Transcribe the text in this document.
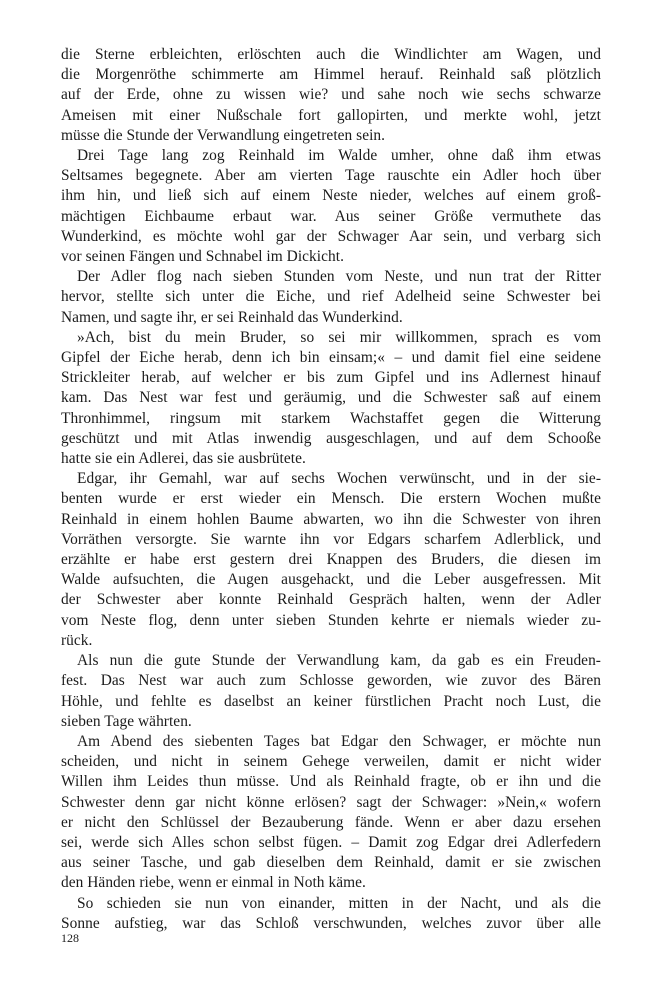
die Sterne erbleichten, erlöschten auch die Windlichter am Wagen, und
die Morgenröthe schimmerte am Himmel herauf. Reinhald saß plötzlich
auf der Erde, ohne zu wissen wie? und sahe noch wie sechs schwarze
Ameisen mit einer Nußschale fort gallopirten, und merkte wohl, jetzt
müsse die Stunde der Verwandlung eingetreten sein.
Drei Tage lang zog Reinhald im Walde umher, ohne daß ihm etwas
Seltsames begegnete. Aber am vierten Tage rauschte ein Adler hoch über
ihm hin, und ließ sich auf einem Neste nieder, welches auf einem groß-
mächtigen Eichbaume erbaut war. Aus seiner Größe vermuthete das
Wunderkind, es möchte wohl gar der Schwager Aar sein, und verbarg sich
vor seinen Fängen und Schnabel im Dickicht.
Der Adler flog nach sieben Stunden vom Neste, und nun trat der Ritter
hervor, stellte sich unter die Eiche, und rief Adelheid seine Schwester bei
Namen, und sagte ihr, er sei Reinhald das Wunderkind.
»Ach, bist du mein Bruder, so sei mir willkommen, sprach es vom
Gipfel der Eiche herab, denn ich bin einsam;« – und damit fiel eine seidene
Strickleiter herab, auf welcher er bis zum Gipfel und ins Adlernest hinauf
kam. Das Nest war fest und geräumig, und die Schwester saß auf einem
Thronhimmel, ringsum mit starkem Wachstaffet gegen die Witterung
geschützt und mit Atlas inwendig ausgeschlagen, und auf dem Schooße
hatte sie ein Adlerei, das sie ausbrütete.
Edgar, ihr Gemahl, war auf sechs Wochen verwünscht, und in der sie-
benten wurde er erst wieder ein Mensch. Die erstern Wochen mußte
Reinhald in einem hohlen Baume abwarten, wo ihn die Schwester von ihren
Vorräthen versorgte. Sie warnte ihn vor Edgars scharfem Adlerblick, und
erzählte er habe erst gestern drei Knappen des Bruders, die diesen im
Walde aufsuchten, die Augen ausgehackt, und die Leber ausgefressen. Mit
der Schwester aber konnte Reinhald Gespräch halten, wenn der Adler
vom Neste flog, denn unter sieben Stunden kehrte er niemals wieder zu-
rück.
Als nun die gute Stunde der Verwandlung kam, da gab es ein Freuden-
fest. Das Nest war auch zum Schlosse geworden, wie zuvor des Bären
Höhle, und fehlte es daselbst an keiner fürstlichen Pracht noch Lust, die
sieben Tage währten.
Am Abend des siebenten Tages bat Edgar den Schwager, er möchte nun
scheiden, und nicht in seinem Gehege verweilen, damit er nicht wider
Willen ihm Leides thun müsse. Und als Reinhald fragte, ob er ihn und die
Schwester denn gar nicht könne erlösen? sagt der Schwager: »Nein,« wofern
er nicht den Schlüssel der Bezauberung fände. Wenn er aber dazu ersehen
sei, werde sich Alles schon selbst fügen. – Damit zog Edgar drei Adlerfedern
aus seiner Tasche, und gab dieselben dem Reinhald, damit er sie zwischen
den Händen riebe, wenn er einmal in Noth käme.
So schieden sie nun von einander, mitten in der Nacht, und als die
Sonne aufstieg, war das Schloß verschwunden, welches zuvor über alle
128
